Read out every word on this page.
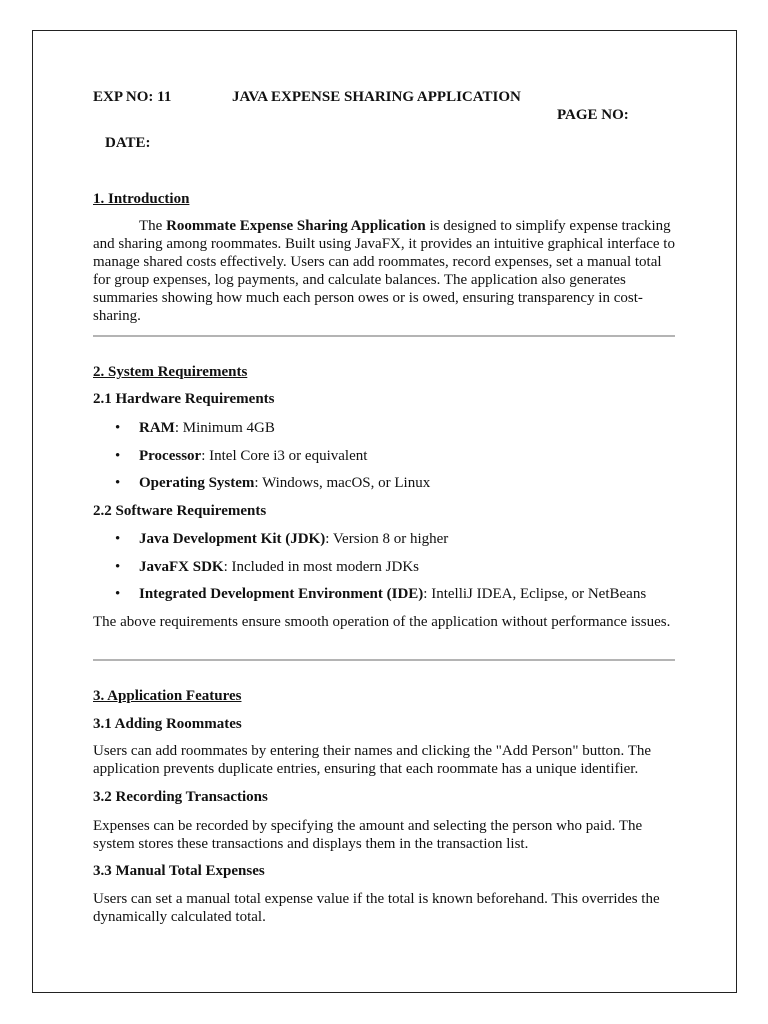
EXP NO: 11	JAVA EXPENSE SHARING APPLICATION
PAGE NO:
DATE:
1. Introduction

The Roommate Expense Sharing Application is designed to simplify expense tracking and sharing among roommates. Built using JavaFX, it provides an intuitive graphical interface to manage shared costs effectively. Users can add roommates, record expenses, set a manual total for group expenses, log payments, and calculate balances. The application also generates summaries showing how much each person owes or is owed, ensuring transparency in cost-sharing.

2. System Requirements
2.1 Hardware Requirements
• RAM: Minimum 4GB
• Processor: Intel Core i3 or equivalent
• Operating System: Windows, macOS, or Linux
2.2 Software Requirements
• Java Development Kit (JDK): Version 8 or higher
• JavaFX SDK: Included in most modern JDKs
• Integrated Development Environment (IDE): IntelliJ IDEA, Eclipse, or NetBeans

The above requirements ensure smooth operation of the application without performance issues.

3. Application Features
3.1 Adding Roommates

Users can add roommates by entering their names and clicking the "Add Person" button. The application prevents duplicate entries, ensuring that each roommate has a unique identifier.

3.2 Recording Transactions

Expenses can be recorded by specifying the amount and selecting the person who paid. The system stores these transactions and displays them in the transaction list.

3.3 Manual Total Expenses

Users can set a manual total expense value if the total is known beforehand. This overrides the dynamically calculated total.
